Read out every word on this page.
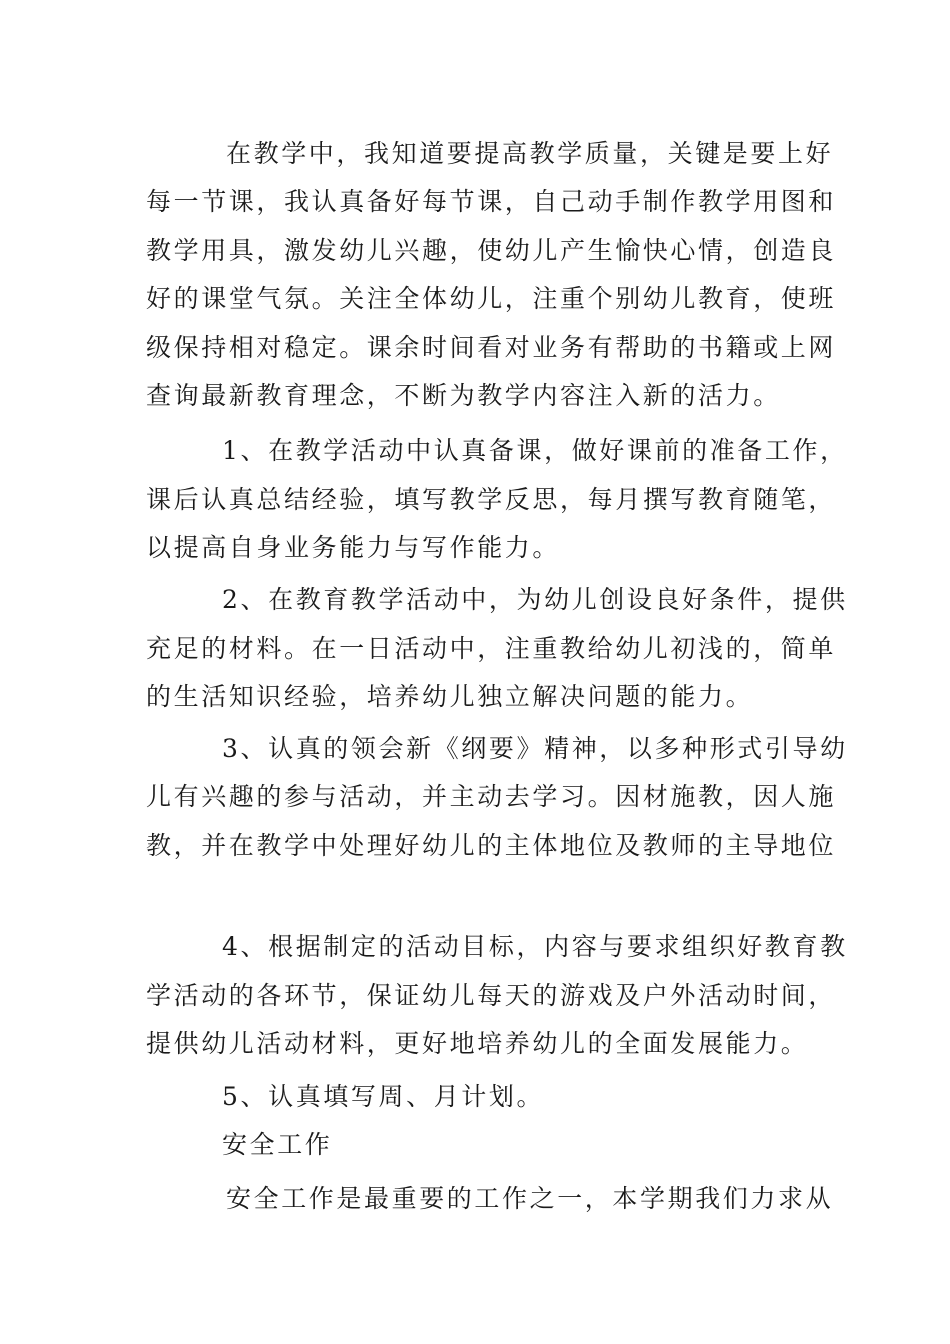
在教学中，我知道要提高教学质量，关键是要上好
每一节课，我认真备好每节课，自己动手制作教学用图和
教学用具，激发幼儿兴趣，使幼儿产生愉快心情，创造良
好的课堂气氛。关注全体幼儿，注重个别幼儿教育，使班
级保持相对稳定。课余时间看对业务有帮助的书籍或上网
查询最新教育理念，不断为教学内容注入新的活力。
1、在教学活动中认真备课，做好课前的准备工作，
课后认真总结经验，填写教学反思，每月撰写教育随笔，
以提高自身业务能力与写作能力。
2、在教育教学活动中，为幼儿创设良好条件，提供
充足的材料。在一日活动中，注重教给幼儿初浅的，简单
的生活知识经验，培养幼儿独立解决问题的能力。
3、认真的领会新《纲要》精神，以多种形式引导幼
儿有兴趣的参与活动，并主动去学习。因材施教，因人施
教，并在教学中处理好幼儿的主体地位及教师的主导地位
4、根据制定的活动目标，内容与要求组织好教育教
学活动的各环节，保证幼儿每天的游戏及户外活动时间，
提供幼儿活动材料，更好地培养幼儿的全面发展能力。
5、认真填写周、月计划。
安全工作
安全工作是最重要的工作之一，本学期我们力求从
